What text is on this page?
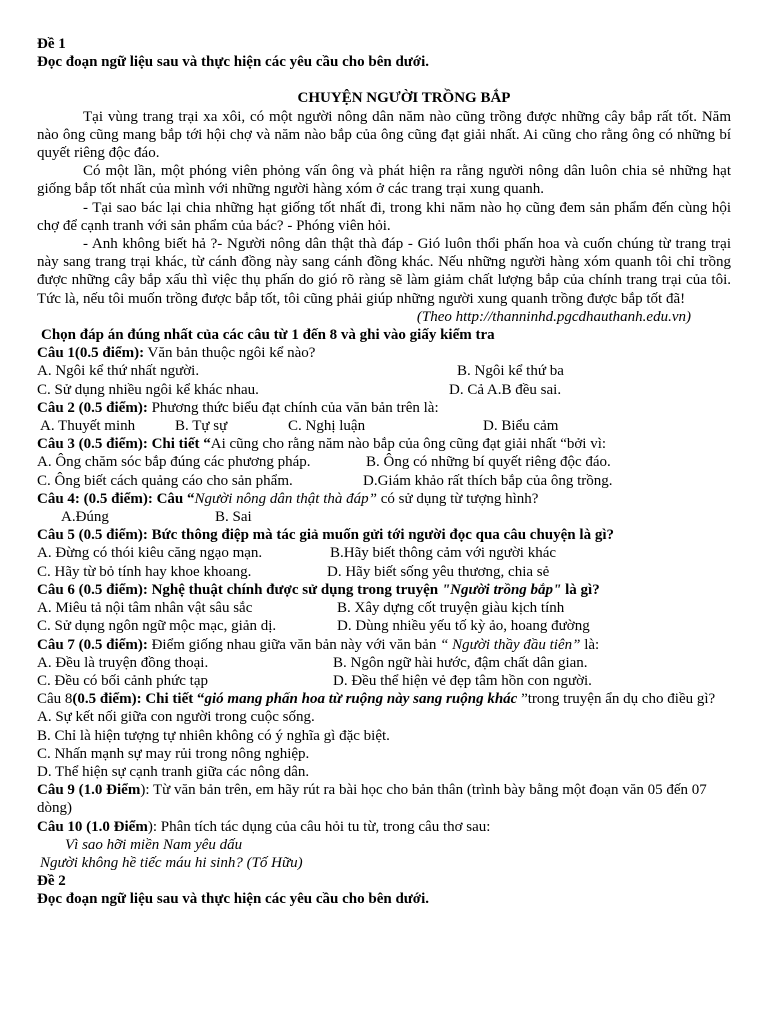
Đề 1
Đọc đoạn ngữ liệu sau và thực hiện các yêu cầu cho bên dưới.
CHUYỆN NGƯỜI TRỒNG BẮP
Tại vùng trang trại xa xôi, có một người nông dân năm nào cũng trồng được những cây bắp rất tốt. Năm nào ông cũng mang bắp tới hội chợ và năm nào bắp của ông cũng đạt giải nhất. Ai cũng cho rằng ông có những bí quyết riêng độc đáo.
Có một lần, một phóng viên phỏng vấn ông và phát hiện ra rằng người nông dân luôn chia sẻ những hạt giống bắp tốt nhất của mình với những người hàng xóm ở các trang trại xung quanh.
- Tại sao bác lại chia những hạt giống tốt nhất đi, trong khi năm nào họ cũng đem sản phẩm đến cùng hội chợ để cạnh tranh với sản phẩm của bác? - Phóng viên hỏi.
- Anh không biết hả ?- Người nông dân thật thà đáp - Gió luôn thổi phấn hoa và cuốn chúng từ trang trại này sang trang trại khác, từ cánh đồng này sang cánh đồng khác. Nếu những người hàng xóm quanh tôi chỉ trồng được những cây bắp xấu thì việc thụ phấn do gió rõ ràng sẽ làm giảm chất lượng bắp của chính trang trại của tôi. Tức là, nếu tôi muốn trồng được bắp tốt, tôi cũng phải giúp những người xung quanh trồng được bắp tốt đã!
(Theo http://thanninhd.pgcdhauthanh.edu.vn)
Chọn đáp án đúng nhất của các câu từ 1 đến 8 và ghi vào giấy kiểm tra
Câu 1(0.5 điểm): Văn bản thuộc ngôi kể nào?
A. Ngôi kể thứ nhất người.	B. Ngôi kể thứ ba
C. Sử dụng nhiều ngôi kể khác nhau.	D. Cả A.B đều sai.
Câu 2 (0.5 điểm): Phương thức biểu đạt chính của văn bản trên là:
A. Thuyết minh	B. Tự sự	C. Nghị luận	D. Biểu cảm
Câu 3 (0.5 điểm): Chi tiết “Ai cũng cho rằng năm nào bắp của ông cũng đạt giải nhất “bởi vì:
A. Ông chăm sóc bắp đúng các phương pháp.	B. Ông có những bí quyết riêng độc đáo.
C. Ông biết cách quảng cáo cho sản phẩm.	D.Giám khảo rất thích bắp của ông trồng.
Câu 4: (0.5 điểm): Câu “Người nông dân thật thà đáp” có sử dụng từ tượng hình?
A.Đúng	B. Sai
Câu 5 (0.5 điểm): Bức thông điệp mà tác giả muốn gửi tới người đọc qua câu chuyện là gì?
A. Đừng có thói kiêu căng ngạo mạn.	B.Hãy biết thông cảm với người khác
C. Hãy từ bỏ tính hay khoe khoang.	D. Hãy biết sống yêu thương, chia sẻ
Câu 6 (0.5 điểm): Nghệ thuật chính được sử dụng trong truyện "Người trồng bắp" là gì?
A. Miêu tả nội tâm nhân vật sâu sắc	B. Xây dựng cốt truyện giàu kịch tính
C. Sử dụng ngôn ngữ mộc mạc, giản dị.	D. Dùng nhiều yếu tố kỳ ảo, hoang đường
Câu 7 (0.5 điểm): Điểm giống nhau giữa văn bản này với văn bản “ Người thầy đầu tiên” là:
A. Đều là truyện đồng thoại.	B. Ngôn ngữ hài hước, đậm chất dân gian.
C. Đều có bối cảnh phức tạp	D. Đều thể hiện vẻ đẹp tâm hồn con người.
Câu 8(0.5 điểm): Chi tiết “gió mang phấn hoa từ ruộng này sang ruộng khác ”trong truyện ẩn dụ cho điều gì?
A. Sự kết nối giữa con người trong cuộc sống.
B. Chỉ là hiện tượng tự nhiên không có ý nghĩa gì đặc biệt.
C. Nhấn mạnh sự may rủi trong nông nghiệp.
D. Thể hiện sự cạnh tranh giữa các nông dân.
Câu 9 (1.0 Điểm): Từ văn bản trên, em hãy rút ra bài học cho bản thân (trình bày bằng một đoạn văn 05 đến 07 dòng)
Câu 10 (1.0 Điểm): Phân tích tác dụng của câu hỏi tu từ, trong câu thơ sau:
Vì sao hỡi miền Nam yêu dấu
Người không hề tiếc máu hi sinh? (Tố Hữu)
Đề 2
Đọc đoạn ngữ liệu sau và thực hiện các yêu cầu cho bên dưới.
